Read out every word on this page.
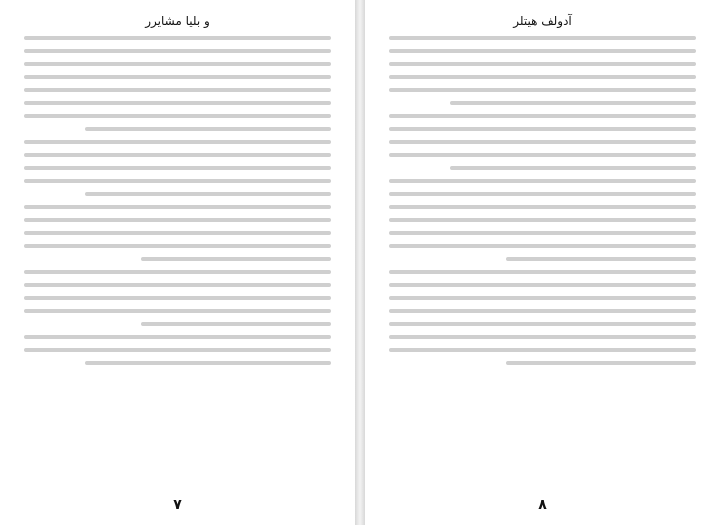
و بلیا مشایرر
۷
آدولف هیتلر
۸
